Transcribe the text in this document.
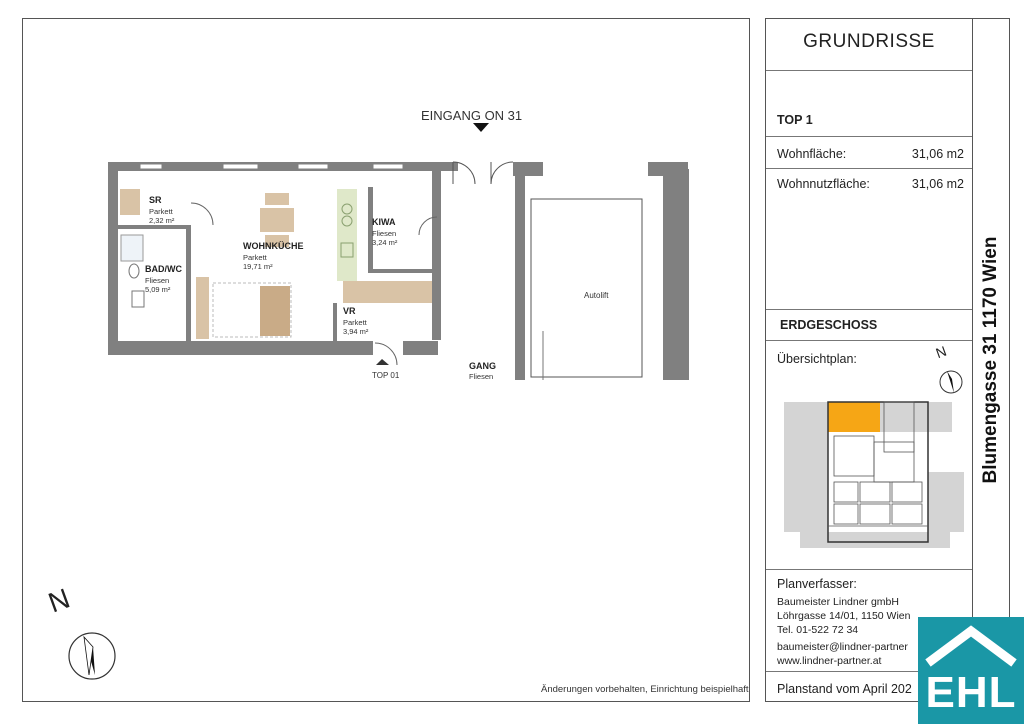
EINGANG ON 31
SR
Parkett
2,32 m²
WOHNKÜCHE
Parkett
19,71 m²
KIWA
Fliesen
3,24 m²
BAD/WC
Fliesen
5,09 m²
VR
Parkett
3,94 m²
GANG
Fliesen
TOP 01
Autolift
N
Änderungen vorbehalten, Einrichtung beispielhaft
GRUNDRISSE
TOP 1
Wohnfläche:	31,06 m2
Wohnnutzfläche:	31,06 m2
ERDGESCHOSS
Übersichtplan:	N
Planverfasser:
Baumeister Lindner gmbH
Löhrgasse 14/01, 1150 Wien
Tel. 01-522 72 34
baumeister@lindner-partner
www.lindner-partner.at
Planstand vom April 202
Blumengasse 31 1170 Wien
EHL
